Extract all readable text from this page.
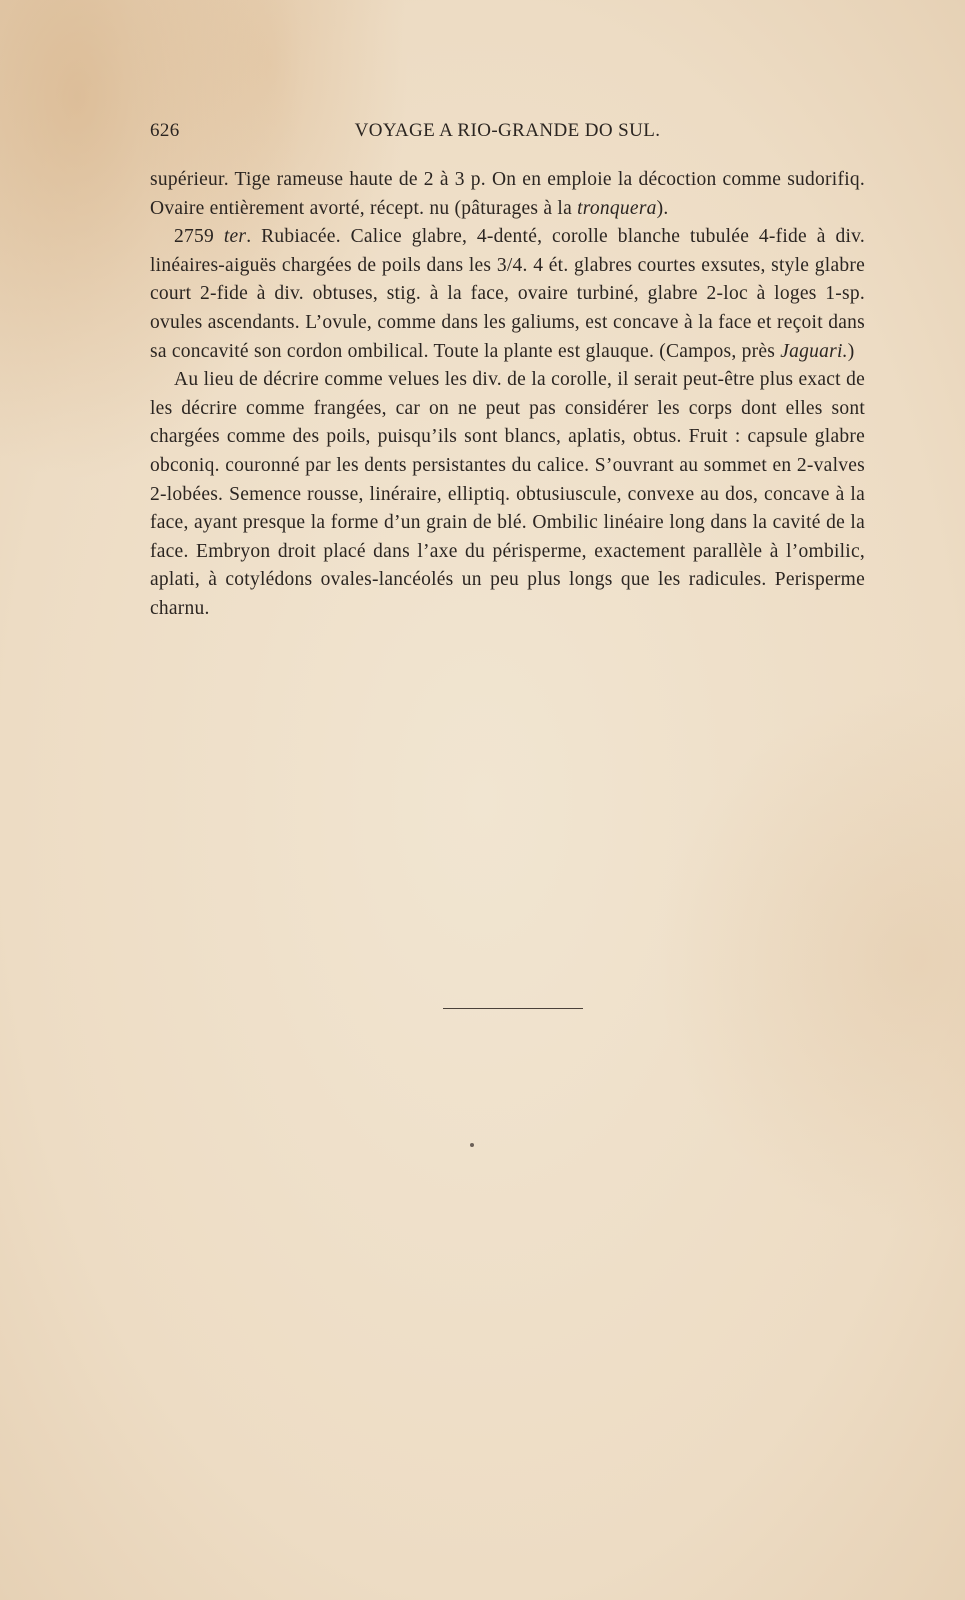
626	VOYAGE A RIO-GRANDE DO SUL.

supérieur. Tige rameuse haute de 2 à 3 p. On en emploie la décoction comme sudorifiq. Ovaire entièrement avorté, récept. nu (pâturages à la tronquera).

2759 ter. Rubiacée. Calice glabre, 4-denté, corolle blanche tubulée 4-fide à div. linéaires-aiguës chargées de poils dans les 3/4. 4 ét. glabres courtes exsutes, style glabre court 2-fide à div. obtuses, stig. à la face, ovaire turbiné, glabre 2-loc à loges 1-sp. ovules ascendants. L’ovule, comme dans les galiums, est concave à la face et reçoit dans sa concavité son cordon ombilical. Toute la plante est glauque. (Campos, près Jaguari.)

Au lieu de décrire comme velues les div. de la corolle, il serait peut-être plus exact de les décrire comme frangées, car on ne peut pas considérer les corps dont elles sont chargées comme des poils, puisqu’ils sont blancs, aplatis, obtus. Fruit : capsule glabre obconiq. couronné par les dents persistantes du calice. S’ouvrant au sommet en 2-valves 2-lobées. Semence rousse, linéraire, elliptiq. obtusiuscule, convexe au dos, concave à la face, ayant presque la forme d’un grain de blé. Ombilic linéaire long dans la cavité de la face. Embryon droit placé dans l’axe du périsperme, exactement parallèle à l’ombilic, aplati, à cotylédons ovales-lancéolés un peu plus longs que les radicules. Perisperme charnu.
